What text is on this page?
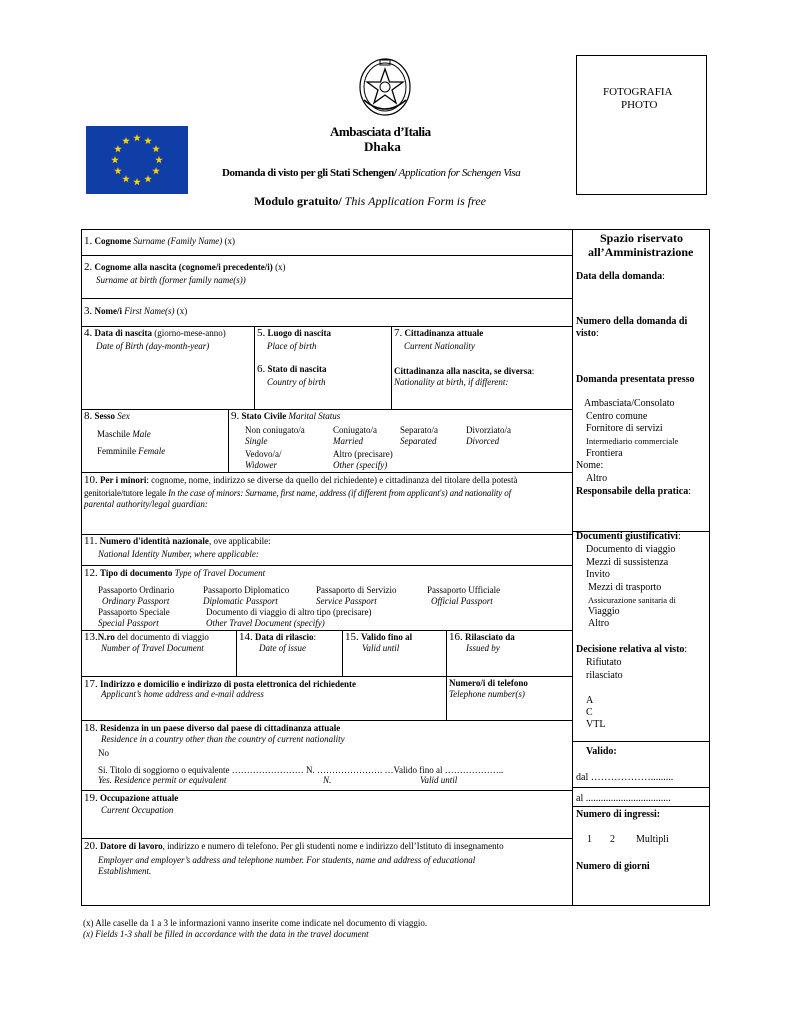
Ambasciata d’Italia
Dhaka
Domanda di visto per gli Stati Schengen/ Application for Schengen Visa
Modulo gratuito/ This Application Form is free
FOTOGRAFIA
PHOTO
1. Cognome Surname (Family Name) (x)
2. Cognome alla nascita (cognome/i precedente/i) (x)
Surname at birth (former family name(s))
3. Nome/i First Name(s) (x)
4. Data di nascita (giorno-mese-anno)
Date of Birth (day-month-year)
5. Luogo di nascita
Place of birth
6. Stato di nascita
Country of birth
7. Cittadinanza attuale
Current Nationality
Cittadinanza alla nascita, se diversa:
Nationality at birth, if different:
8. Sesso Sex
Maschile Male
Femminile Female
9. Stato Civile Marital Status
Non coniugato/a
Single
Coniugato/a
Married
Separato/a
Separated
Divorziato/a
Divorced
Vedovo/a/
Widower
Altro (precisare)
Other (specify)
10. Per i minori: cognome, nome, indirizzo se diverse da quello del richiedente) e cittadinanza del titolare della potestà
genitoriale/tutore legale In the case of minors: Surname, first name, address (if different from applicant's) and nationality of
parental authority/legal guardian:
11. Numero d'identità nazionale, ove applicabile:
National Identity Number, where applicable:
12. Tipo di documento Type of Travel Document
Passaporto Ordinario
Ordinary Passport
Passaporto Diplomatico
Diplomatic Passport
Passaporto di Servizio
Service Passport
Passaporto Ufficiale
Official Passport
Passaporto Speciale
Special Passport
Documento di viaggio di altro tipo (precisare)
Other Travel Document (specify)
13.N.ro del documento di viaggio
Number of Travel Document
14. Data di rilascio:
Date of issue
15. Valido fino al
Valid until
16. Rilasciato da
Issued by
17. Indirizzo e domicilio e indirizzo di posta elettronica del richiedente
Applicant’s home address and e-mail address
Numero/i di telefono
Telephone number(s)
18. Residenza in un paese diverso dal paese di cittadinanza attuale
Residence in a country other than the country of current nationality
No
Si. Titolo di soggiorno o equivalente …………………… N. …………………. …Valido fino al ………………..
Yes. Residence permit or equivalent	N.	Valid until
19. Occupazione attuale
Current Occupation
20. Datore di lavoro, indirizzo e numero di telefono. Per gli studenti nome e indirizzo dell’Istituto di insegnamento
Employer and employer’s address and telephone number. For students, name and address of educational
Establishment.
Spazio riservato
all’Amministrazione
Data della domanda:
Numero della domanda di
visto:
Domanda presentata presso
Ambasciata/Consolato
Centro comune
Fornitore di servizi
Intermediario commerciale
Frontiera
Nome:
Altro
Responsabile della pratica:
Documenti giustificativi:
Documento di viaggio
Mezzi di sussistenza
Invito
Mezzi di trasporto
Assicurazione sanitaria di
Viaggio
Altro
Decisione relativa al visto:
Rifiutato
rilasciato
A
C
VTL
Valido:
dal ……………….........
al ..................................
Numero di ingressi:
1 2 Multipli
Numero di giorni
(x) Alle caselle da 1 a 3 le informazioni vanno inserite come indicate nel documento di viaggio.
(x) Fields 1-3 shall be filled in accordance with the data in the travel document
